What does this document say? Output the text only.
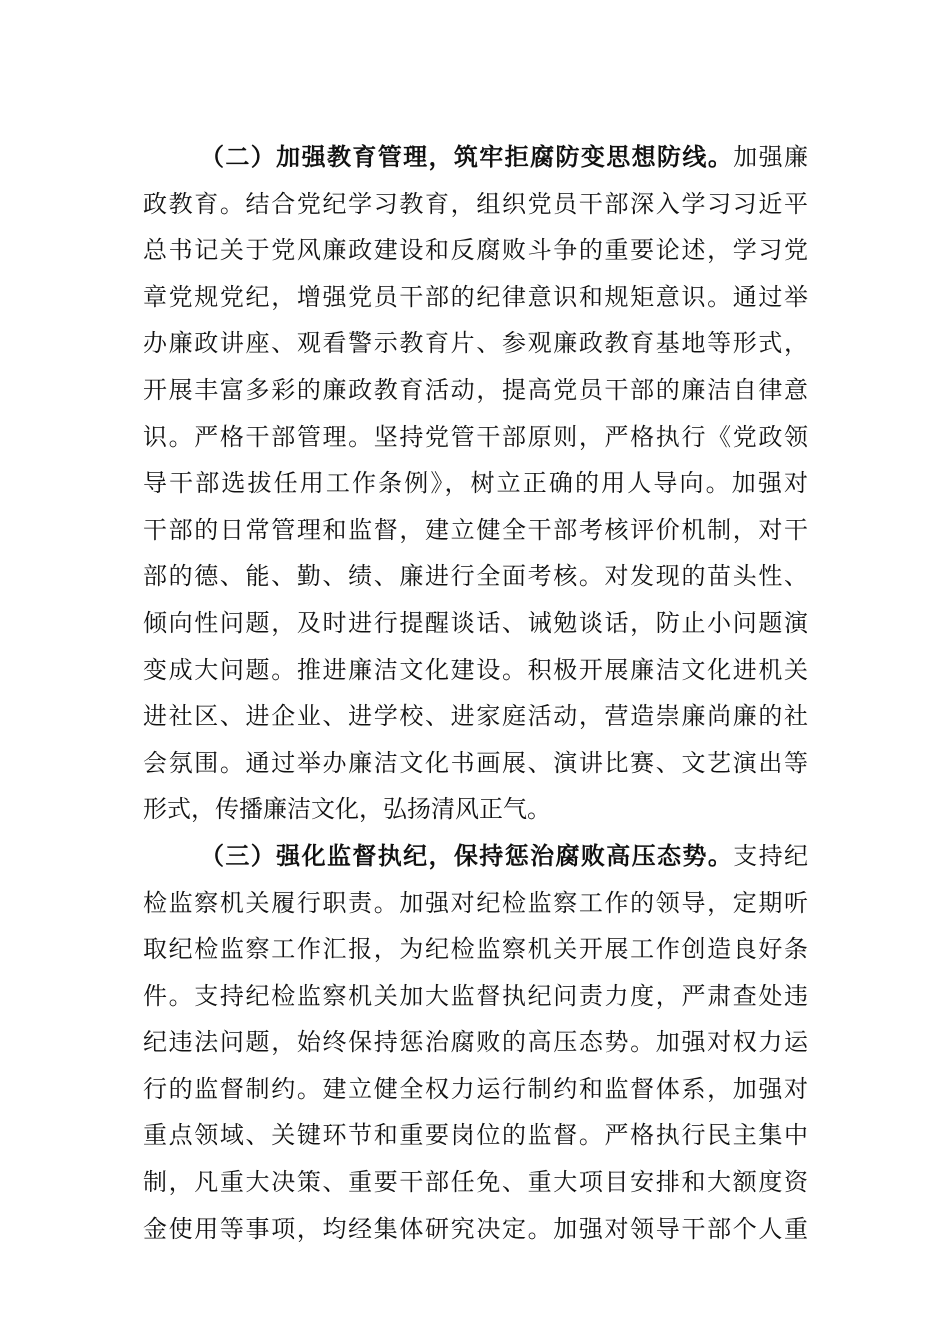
（二）加强教育管理，筑牢拒腐防变思想防线。加强廉
政教育。结合党纪学习教育，组织党员干部深入学习习近平
总书记关于党风廉政建设和反腐败斗争的重要论述，学习党
章党规党纪，增强党员干部的纪律意识和规矩意识。通过举
办廉政讲座、观看警示教育片、参观廉政教育基地等形式，
开展丰富多彩的廉政教育活动，提高党员干部的廉洁自律意
识。严格干部管理。坚持党管干部原则，严格执行《党政领
导干部选拔任用工作条例》，树立正确的用人导向。加强对
干部的日常管理和监督，建立健全干部考核评价机制，对干
部的德、能、勤、绩、廉进行全面考核。对发现的苗头性、
倾向性问题，及时进行提醒谈话、诫勉谈话，防止小问题演
变成大问题。推进廉洁文化建设。积极开展廉洁文化进机关
进社区、进企业、进学校、进家庭活动，营造崇廉尚廉的社
会氛围。通过举办廉洁文化书画展、演讲比赛、文艺演出等
形式，传播廉洁文化，弘扬清风正气。
（三）强化监督执纪，保持惩治腐败高压态势。支持纪
检监察机关履行职责。加强对纪检监察工作的领导，定期听
取纪检监察工作汇报，为纪检监察机关开展工作创造良好条
件。支持纪检监察机关加大监督执纪问责力度，严肃查处违
纪违法问题，始终保持惩治腐败的高压态势。加强对权力运
行的监督制约。建立健全权力运行制约和监督体系，加强对
重点领域、关键环节和重要岗位的监督。严格执行民主集中
制，凡重大决策、重要干部任免、重大项目安排和大额度资
金使用等事项，均经集体研究决定。加强对领导干部个人重
